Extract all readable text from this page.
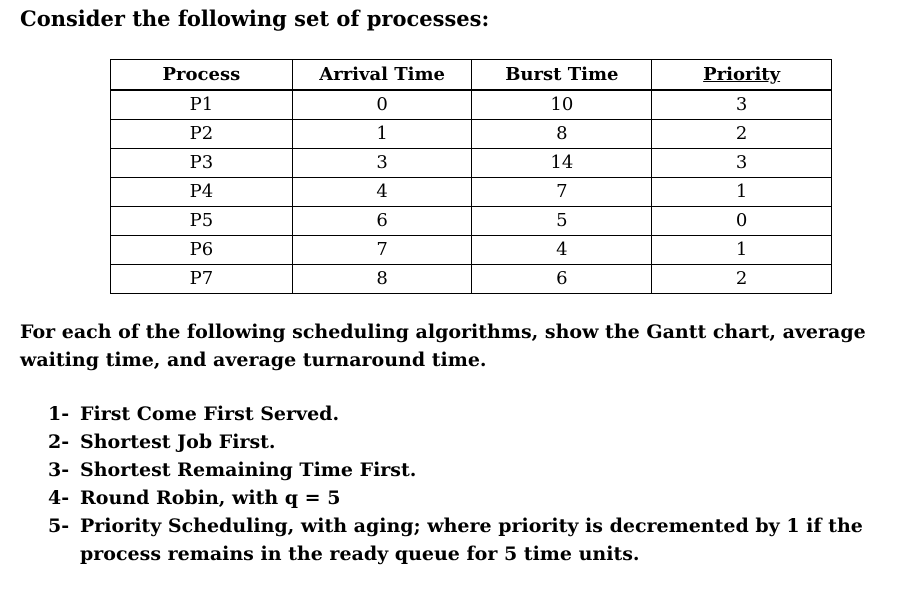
Consider the following set of processes:
Process	Arrival Time	Burst Time	Priority
P1	0	10	3
P2	1	8	2
P3	3	14	3
P4	4	7	1
P5	6	5	0
P6	7	4	1
P7	8	6	2

For each of the following scheduling algorithms, show the Gantt chart, average waiting time, and average turnaround time.

1- First Come First Served.
2- Shortest Job First.
3- Shortest Remaining Time First.
4- Round Robin, with q = 5
5- Priority Scheduling, with aging; where priority is decremented by 1 if the process remains in the ready queue for 5 time units.
